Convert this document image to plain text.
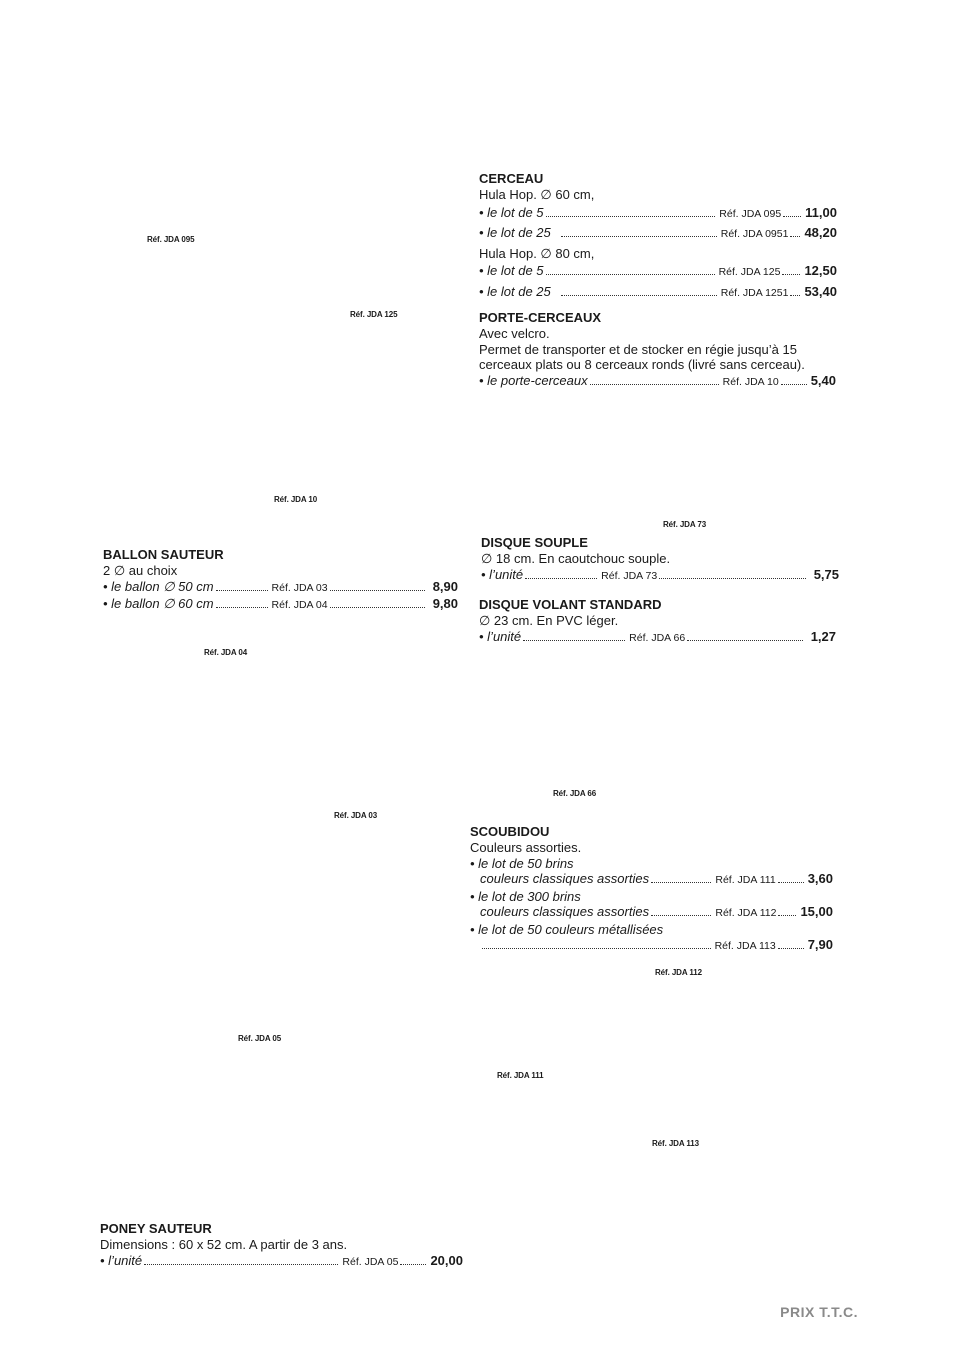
Réf. JDA 095
Réf. JDA 125
Réf. JDA 10
Réf. JDA 73
Réf. JDA 04
Réf. JDA 66
Réf. JDA 03
Réf. JDA 112
Réf. JDA 05
Réf. JDA 111
Réf. JDA 113
CERCEAU
Hula Hop. ∅ 60 cm,
• le lot de 5	Réf. JDA 095 11,00
• le lot de 25	Réf. JDA 0951 48,20
Hula Hop. ∅ 80 cm,
• le lot de 5	Réf. JDA 125 12,50
• le lot de 25	Réf. JDA 1251 53,40
PORTE-CERCEAUX
Avec velcro.
Permet de transporter et de stocker en régie jusqu’à 15
cerceaux plats ou 8 cerceaux ronds (livré sans cerceau).
• le porte-cerceaux	Réf. JDA 10 5,40
DISQUE SOUPLE
∅ 18 cm. En caoutchouc souple.
• l’unité	Réf. JDA 73	5,75
DISQUE VOLANT STANDARD
∅ 23 cm. En PVC léger.
• l’unité	Réf. JDA 66	1,27
BALLON SAUTEUR
2 ∅ au choix
• le ballon ∅ 50 cm	Réf. JDA 03	8,90
• le ballon ∅ 60 cm	Réf. JDA 04	9,80
SCOUBIDOU
Couleurs assorties.
• le lot de 50 brins
couleurs classiques assorties	Réf. JDA 111 3,60
• le lot de 300 brins
couleurs classiques assorties	Réf. JDA 112 15,00
• le lot de 50 couleurs métallisées
Réf. JDA 113 7,90
PONEY SAUTEUR
Dimensions : 60 x 52 cm. A partir de 3 ans.
• l’unité	Réf. JDA 05 20,00
PRIX T.T.C.
